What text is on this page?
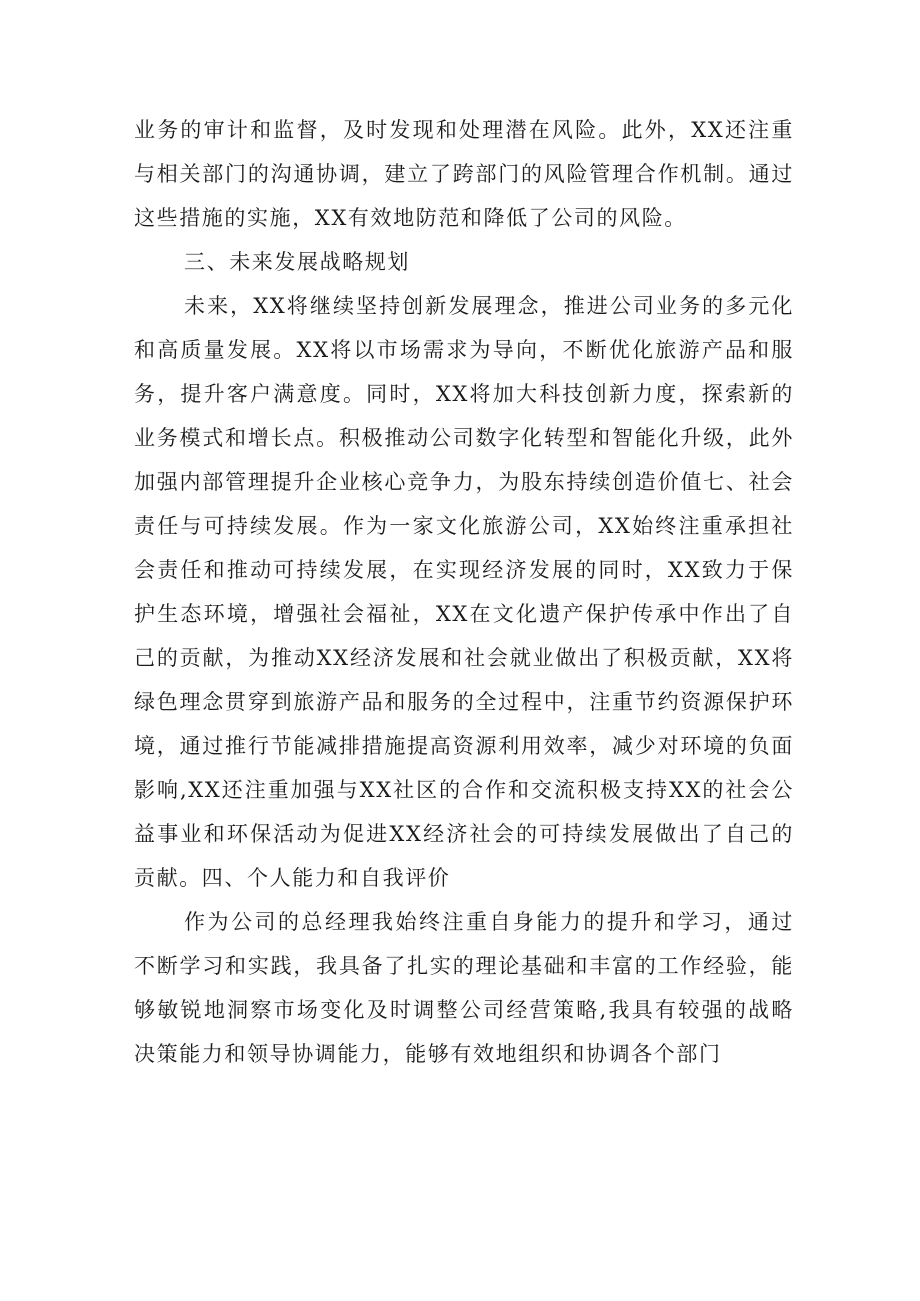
业务的审计和监督，及时发现和处理潜在风险。此外，XX还注重与相关部门的沟通协调，建立了跨部门的风险管理合作机制。通过这些措施的实施，XX有效地防范和降低了公司的风险。

三、未来发展战略规划

未来，XX将继续坚持创新发展理念，推进公司业务的多元化和高质量发展。XX将以市场需求为导向，不断优化旅游产品和服务，提升客户满意度。同时，XX将加大科技创新力度，探索新的业务模式和增长点。积极推动公司数字化转型和智能化升级，此外加强内部管理提升企业核心竞争力，为股东持续创造价值七、社会责任与可持续发展。作为一家文化旅游公司，XX始终注重承担社会责任和推动可持续发展，在实现经济发展的同时，XX致力于保护生态环境，增强社会福祉，XX在文化遗产保护传承中作出了自己的贡献，为推动XX经济发展和社会就业做出了积极贡献，XX将绿色理念贯穿到旅游产品和服务的全过程中，注重节约资源保护环境，通过推行节能减排措施提高资源利用效率，减少对环境的负面影响,XX还注重加强与XX社区的合作和交流积极支持XX的社会公益事业和环保活动为促进XX经济社会的可持续发展做出了自己的贡献。四、个人能力和自我评价

作为公司的总经理我始终注重自身能力的提升和学习，通过不断学习和实践，我具备了扎实的理论基础和丰富的工作经验，能够敏锐地洞察市场变化及时调整公司经营策略,我具有较强的战略决策能力和领导协调能力，能够有效地组织和协调各个部门
